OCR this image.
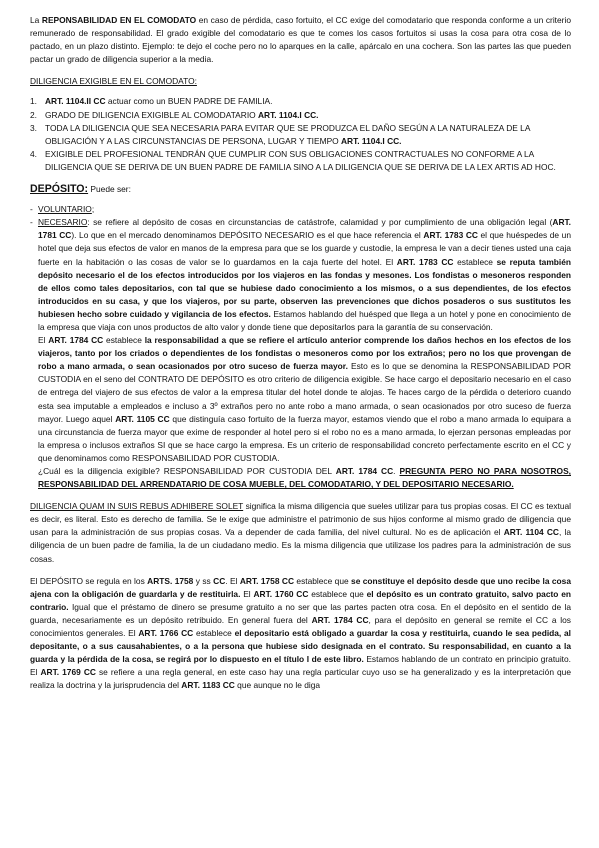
La REPONSABILIDAD EN EL COMODATO en caso de pérdida, caso fortuito, el CC exige del comodatario que responda conforme a un criterio remunerado de responsabilidad. El grado exigible del comodatario es que te comes los casos fortuitos si usas la cosa para otra cosa de lo pactado, en un plazo distinto. Ejemplo: te dejo el coche pero no lo aparques en la calle, apárcalo en una cochera. Son las partes las que pueden pactar un grado de diligencia superior a la media.

DILIGENCIA EXIGIBLE EN EL COMODATO:

1. ART. 1104.II CC actuar como un BUEN PADRE DE FAMILIA.
2. GRADO DE DILIGENCIA EXIGIBLE AL COMODATARIO ART. 1104.I CC.
3. TODA LA DILIGENCIA QUE SEA NECESARIA PARA EVITAR QUE SE PRODUZCA EL DAÑO SEGÚN A LA NATURALEZA DE LA OBLIGACIÓN Y A LAS CIRCUNSTANCIAS DE PERSONA, LUGAR Y TIEMPO ART. 1104.I CC.
4. EXIGIBLE DEL PROFESIONAL TENDRÁN QUE CUMPLIR CON SUS OBLIGACIONES CONTRACTUALES NO CONFORME A LA DILIGENCIA QUE SE DERIVA DE UN BUEN PADRE DE FAMILIA SINO A LA DILIGENCIA QUE SE DERIVA DE LA LEX ARTIS AD HOC.

DEPÓSITO: Puede ser:

- VOLUNTARIO;
- NECESARIO: se refiere al depósito de cosas en circunstancias de catástrofe, calamidad y por cumplimiento de una obligación legal (ART. 1781 CC). Lo que en el mercado denominamos DEPÓSITO NECESARIO es el que hace referencia el ART. 1783 CC el que huéspedes de un hotel que deja sus efectos de valor en manos de la empresa para que se los guarde y custodie, la empresa le van a decir tienes usted una caja fuerte en la habitación o las cosas de valor se lo guardamos en la caja fuerte del hotel. El ART. 1783 CC establece se reputa también depósito necesario el de los efectos introducidos por los viajeros en las fondas y mesones. Los fondistas o mesoneros responden de ellos como tales depositarios, con tal que se hubiese dado conocimiento a los mismos, o a sus dependientes, de los efectos introducidos en su casa, y que los viajeros, por su parte, observen las prevenciones que dichos posaderos o sus sustitutos les hubiesen hecho sobre cuidado y vigilancia de los efectos. Estamos hablando del huésped que llega a un hotel y pone en conocimiento de la empresa que viaja con unos productos de alto valor y donde tiene que depositarlos para la garantía de su conservación.

El ART. 1784 CC establece la responsabilidad a que se refiere el artículo anterior comprende los daños hechos en los efectos de los viajeros, tanto por los criados o dependientes de los fondistas o mesoneros como por los extraños; pero no los que provengan de robo a mano armada, o sean ocasionados por otro suceso de fuerza mayor. Esto es lo que se denomina la RESPONSABILIDAD POR CUSTODIA en el seno del CONTRATO DE DEPÓSITO es otro criterio de diligencia exigible. Se hace cargo el depositario necesario en el caso de entrega del viajero de sus efectos de valor a la empresa titular del hotel donde te alojas. Te haces cargo de la pérdida o deterioro cuando esta sea imputable a empleados e incluso a 3º extraños pero no ante robo a mano armada, o sean ocasionados por otro suceso de fuerza mayor. Luego aquel ART. 1105 CC que distinguía caso fortuito de la fuerza mayor, estamos viendo que el robo a mano armada lo equipara a una circunstancia de fuerza mayor que exime de responder al hotel pero si el robo no es a mano armada, lo ejerzan personas empleadas por la empresa o inclusos extraños SI que se hace cargo la empresa. Es un criterio de responsabilidad concreto perfectamente escrito en el CC y que denominamos como RESPONSABILIDAD POR CUSTODIA.

¿Cuál es la diligencia exigible? RESPONSABILIDAD POR CUSTODIA DEL ART. 1784 CC. PREGUNTA PERO NO PARA NOSOTROS, RESPONSABILIDAD DEL ARRENDATARIO DE COSA MUEBLE, DEL COMODATARIO, Y DEL DEPOSITARIO NECESARIO.

DILIGENCIA QUAM IN SUIS REBUS ADHIBERE SOLET significa la misma diligencia que sueles utilizar para tus propias cosas. El CC es textual es decir, es literal. Esto es derecho de familia. Se le exige que administre el patrimonio de sus hijos conforme al mismo grado de diligencia que usan para la administración de sus propias cosas. Va a depender de cada familia, del nivel cultural. No es de aplicación el ART. 1104 CC, la diligencia de un buen padre de familia, la de un ciudadano medio. Es la misma diligencia que utilizase los padres para la administración de sus cosas.

El DEPÓSITO se regula en los ARTS. 1758 y ss CC. El ART. 1758 CC establece que se constituye el depósito desde que uno recibe la cosa ajena con la obligación de guardarla y de restituirla. El ART. 1760 CC establece que el depósito es un contrato gratuito, salvo pacto en contrario. Igual que el préstamo de dinero se presume gratuito a no ser que las partes pacten otra cosa. En el depósito en el sentido de la guarda, necesariamente es un depósito retribuido. En general fuera del ART. 1784 CC, para el depósito en general se remite el CC a los conocimientos generales. El ART. 1766 CC establece el depositario está obligado a guardar la cosa y restituirla, cuando le sea pedida, al depositante, o a sus causahabientes, o a la persona que hubiese sido designada en el contrato. Su responsabilidad, en cuanto a la guarda y la pérdida de la cosa, se regirá por lo dispuesto en el título I de este libro. Estamos hablando de un contrato en principio gratuito. El ART. 1769 CC se refiere a una regla general, en este caso hay una regla particular cuyo uso se ha generalizado y es la interpretación que realiza la doctrina y la jurisprudencia del ART. 1183 CC que aunque no le diga
